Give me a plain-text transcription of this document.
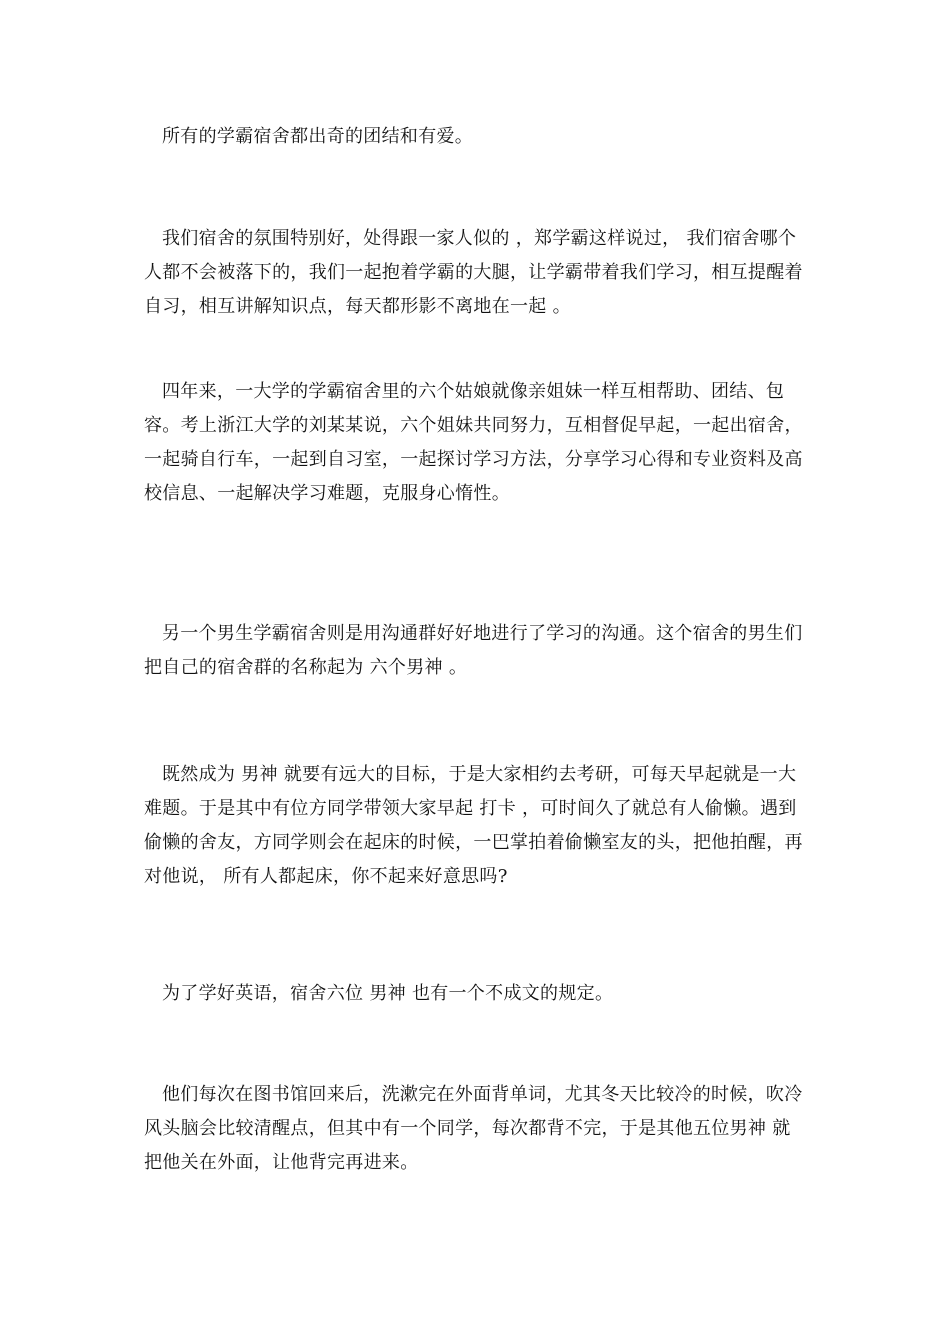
所有的学霸宿舍都出奇的团结和有爱。

我们宿舍的氛围特别好，处得跟一家人似的 ，郑学霸这样说过， 我们宿舍哪个人都不会被落下的，我们一起抱着学霸的大腿，让学霸带着我们学习，相互提醒着自习，相互讲解知识点，每天都形影不离地在一起 。

四年来，一大学的学霸宿舍里的六个姑娘就像亲姐妹一样互相帮助、团结、包容。考上浙江大学的刘某某说，六个姐妹共同努力，互相督促早起，一起出宿舍，一起骑自行车，一起到自习室，一起探讨学习方法，分享学习心得和专业资料及高校信息、一起解决学习难题，克服身心惰性。

另一个男生学霸宿舍则是用沟通群好好地进行了学习的沟通。这个宿舍的男生们把自己的宿舍群的名称起为 六个男神 。

既然成为 男神 就要有远大的目标，于是大家相约去考研，可每天早起就是一大难题。于是其中有位方同学带领大家早起 打卡 ，可时间久了就总有人偷懒。遇到偷懒的舍友，方同学则会在起床的时候，一巴掌拍着偷懒室友的头，把他拍醒，再对他说， 所有人都起床，你不起来好意思吗?

为了学好英语，宿舍六位 男神 也有一个不成文的规定。

他们每次在图书馆回来后，洗漱完在外面背单词，尤其冬天比较冷的时候，吹冷风头脑会比较清醒点，但其中有一个同学，每次都背不完，于是其他五位男神 就把他关在外面，让他背完再进来。
